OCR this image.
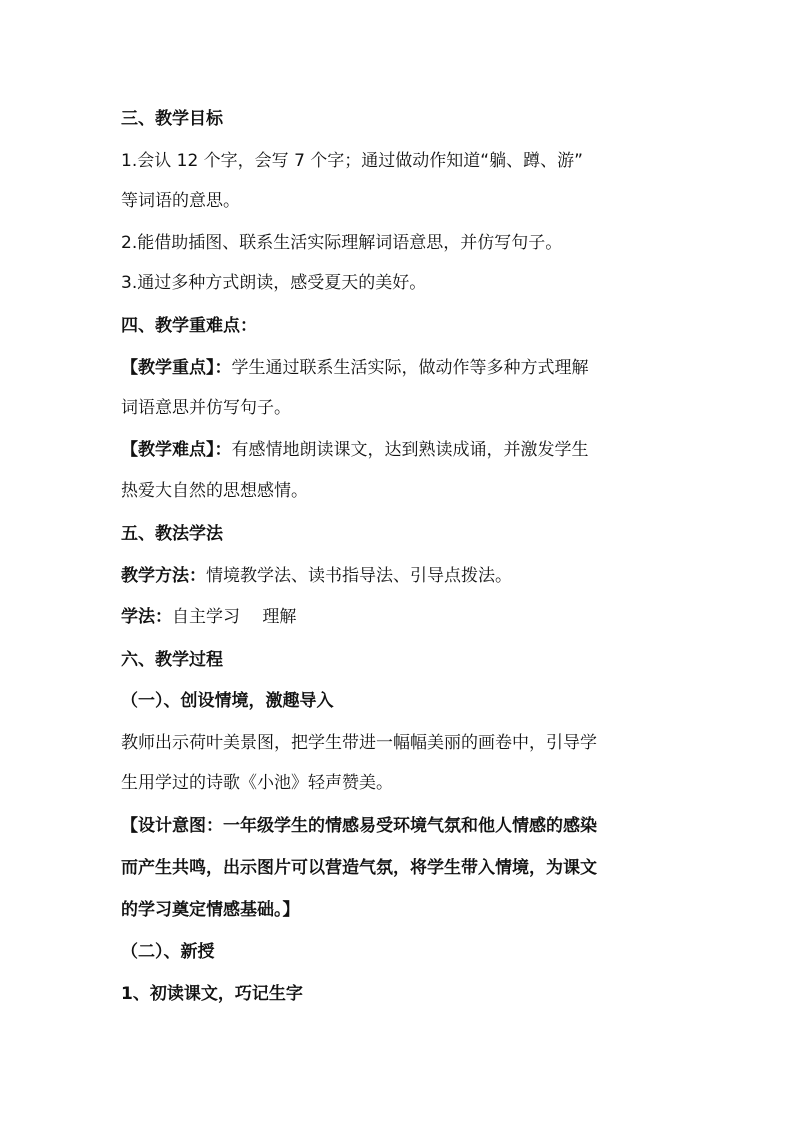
三、教学目标
1.会认 12 个字，会写 7 个字；通过做动作知道“躺、蹲、游”
等词语的意思。
2.能借助插图、联系生活实际理解词语意思，并仿写句子。
3.通过多种方式朗读，感受夏天的美好。
四、教学重难点：
【教学重点】：学生通过联系生活实际，做动作等多种方式理解
词语意思并仿写句子。
【教学难点】：有感情地朗读课文，达到熟读成诵，并激发学生
热爱大自然的思想感情。
五、教法学法
教学方法：情境教学法、读书指导法、引导点拨法。
学法：自主学习　 理解
六、教学过程
（一）、创设情境，激趣导入
教师出示荷叶美景图，把学生带进一幅幅美丽的画卷中，引导学
生用学过的诗歌《小池》轻声赞美。
【设计意图：一年级学生的情感易受环境气氛和他人情感的感染
而产生共鸣，出示图片可以营造气氛，将学生带入情境，为课文
的学习奠定情感基础。】
（二）、新授
1、初读课文，巧记生字
